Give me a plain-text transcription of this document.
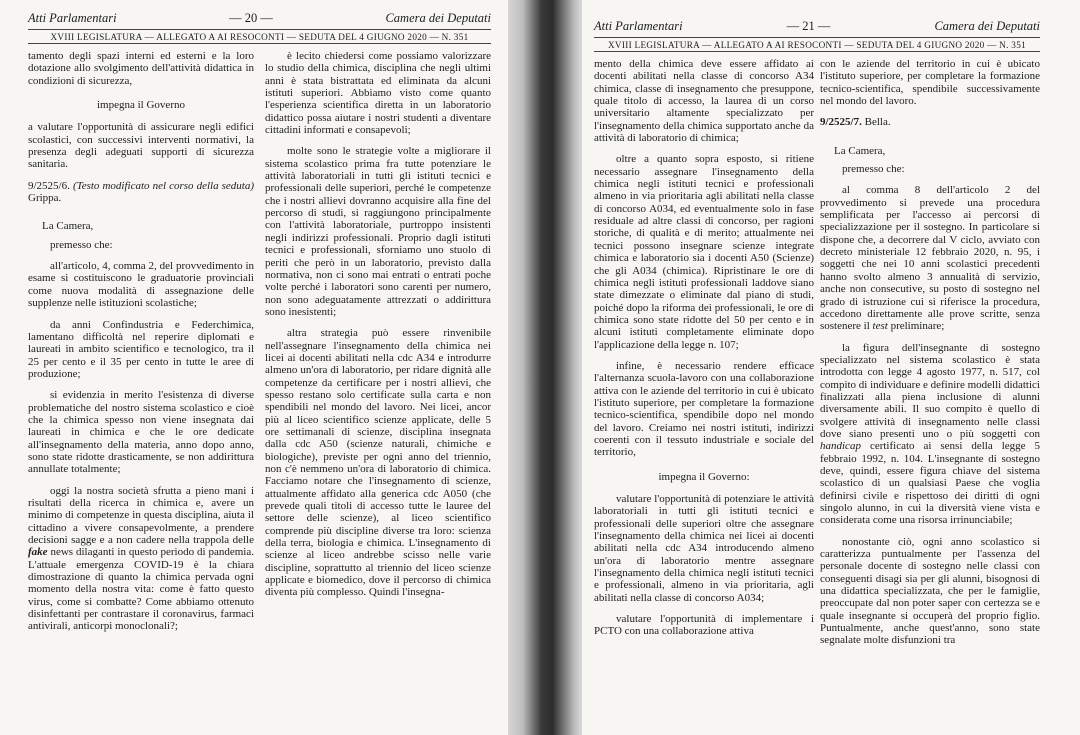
Atti Parlamentari	— 20 —	Camera dei Deputati
XVIII LEGISLATURA — ALLEGATO A AI RESOCONTI — SEDUTA DEL 4 GIUGNO 2020 — N. 351

tamento degli spazi interni ed esterni e la loro dotazione allo svolgimento dell'attività didattica in condizioni di sicurezza,

impegna il Governo

a valutare l'opportunità di assicurare negli edifici scolastici, con successivi interventi normativi, la presenza degli adeguati supporti di sicurezza sanitaria.

9/2525/6. (Testo modificato nel corso della seduta) Grippa.

La Camera,

premesso che:

all'articolo, 4, comma 2, del provvedimento in esame si costituiscono le graduatorie provinciali come nuova modalità di assegnazione delle supplenze nelle istituzioni scolastiche;

da anni Confindustria e Federchimica, lamentano difficoltà nel reperire diplomati e laureati in ambito scientifico e tecnologico, tra il 25 per cento e il 35 per cento in tutte le aree di produzione;

si evidenzia in merito l'esistenza di diverse problematiche del nostro sistema scolastico e cioè che la chimica spesso non viene insegnata dai laureati in chimica e che le ore dedicate all'insegnamento della materia, anno dopo anno, sono state ridotte drasticamente, se non addirittura annullate totalmente;

oggi la nostra società sfrutta a pieno mani i risultati della ricerca in chimica e, avere un minimo di competenze in questa disciplina, aiuta il cittadino a vivere consapevolmente, a prendere decisioni sagge e a non cadere nella trappola delle fake news dilaganti in questo periodo di pandemia. L'attuale emergenza COVID-19 è la chiara dimostrazione di quanto la chimica pervada ogni momento della nostra vita: come è fatto questo virus, come si combatte? Come abbiamo ottenuto disinfettanti per contrastare il coronavirus, farmaci antivirali, anticorpi monoclonali?;

è lecito chiedersi come possiamo valorizzare lo studio della chimica, disciplina che negli ultimi anni è stata bistrattata ed eliminata da alcuni istituti superiori. Abbiamo visto come quanto l'esperienza scientifica diretta in un laboratorio didattico possa aiutare i nostri studenti a diventare cittadini informati e consapevoli;

molte sono le strategie volte a migliorare il sistema scolastico prima fra tutte potenziare le attività laboratoriali in tutti gli istituti tecnici e professionali delle superiori, perché le competenze che i nostri allievi dovranno acquisire alla fine del percorso di studi, si raggiungono principalmente con l'attività laboratoriale, purtroppo insistenti negli indirizzi professionali. Proprio dagli istituti tecnici e professionali, sforniamo uno stuolo di periti che però in un laboratorio, previsto dalla normativa, non ci sono mai entrati o entrati poche volte perché i laboratori sono carenti per numero, non sono adeguatamente attrezzati o addirittura sono inesistenti;

altra strategia può essere rinvenibile nell'assegnare l'insegnamento della chimica nei licei ai docenti abilitati nella cdc A34 e introdurre almeno un'ora di laboratorio, per ridare dignità alle competenze da certificare per i nostri allievi, che spesso restano solo certificate sulla carta e non spendibili nel mondo del lavoro. Nei licei, ancor più al liceo scientifico scienze applicate, delle 5 ore settimanali di scienze, disciplina insegnata dalla cdc A50 (scienze naturali, chimiche e biologiche), previste per ogni anno del triennio, non c'è nemmeno un'ora di laboratorio di chimica. Facciamo notare che l'insegnamento di scienze, attualmente affidato alla generica cdc A050 (che prevede quali titoli di accesso tutte le lauree del settore delle scienze), al liceo scientifico comprende più discipline diverse tra loro: scienza della terra, biologia e chimica. L'insegnamento di scienze al liceo andrebbe scisso nelle varie discipline, soprattutto al triennio del liceo scienze applicate e biomedico, dove il percorso di chimica diventa più complesso. Quindi l'insegna-

Atti Parlamentari	— 21 —	Camera dei Deputati
XVIII LEGISLATURA — ALLEGATO A AI RESOCONTI — SEDUTA DEL 4 GIUGNO 2020 — N. 351

mento della chimica deve essere affidato ai docenti abilitati nella classe di concorso A34 chimica, classe di insegnamento che presuppone, quale titolo di accesso, la laurea di un corso universitario altamente specializzato per l'insegnamento della chimica supportato anche da attività di laboratorio di chimica;

oltre a quanto sopra esposto, si ritiene necessario assegnare l'insegnamento della chimica negli istituti tecnici e professionali almeno in via prioritaria agli abilitati nella classe di concorso A034, ed eventualmente solo in fase residuale ad altre classi di concorso, per ragioni storiche, di qualità e di merito; attualmente nei tecnici possono insegnare scienze integrate chimica e laboratorio sia i docenti A50 (Scienze) che gli A034 (chimica). Ripristinare le ore di chimica negli istituti professionali laddove siano state dimezzate o eliminate dal piano di studi, poiché dopo la riforma dei professionali, le ore di chimica sono state ridotte del 50 per cento e in alcuni istituti completamente eliminate dopo l'applicazione della legge n. 107;

infine, è necessario rendere efficace l'alternanza scuola-lavoro con una collaborazione attiva con le aziende del territorio in cui è ubicato l'istituto superiore, per completare la formazione tecnico-scientifica, spendibile dopo nel mondo del lavoro. Creiamo nei nostri istituti, indirizzi coerenti con il tessuto industriale e sociale del territorio,

impegna il Governo:

valutare l'opportunità di potenziare le attività laboratoriali in tutti gli istituti tecnici e professionali delle superiori oltre che assegnare l'insegnamento della chimica nei licei ai docenti abilitati nella cdc A34 introducendo almeno un'ora di laboratorio mentre assegnare l'insegnamento della chimica negli istituti tecnici e professionali, almeno in via prioritaria, agli abilitati nella classe di concorso A034;

valutare l'opportunità di implementare i PCTO con una collaborazione attiva

con le aziende del territorio in cui è ubicato l'istituto superiore, per completare la formazione tecnico-scientifica, spendibile successivamente nel mondo del lavoro.

9/2525/7. Bella.

La Camera,

premesso che:

al comma 8 dell'articolo 2 del provvedimento si prevede una procedura semplificata per l'accesso ai percorsi di specializzazione per il sostegno. In particolare si dispone che, a decorrere dal V ciclo, avviato con decreto ministeriale 12 febbraio 2020, n. 95, i soggetti che nei 10 anni scolastici precedenti hanno svolto almeno 3 annualità di servizio, anche non consecutive, su posto di sostegno nel grado di istruzione cui si riferisce la procedura, accedono direttamente alle prove scritte, senza sostenere il test preliminare;

la figura dell'insegnante di sostegno specializzato nel sistema scolastico è stata introdotta con legge 4 agosto 1977, n. 517, col compito di individuare e definire modelli didattici finalizzati alla piena inclusione di alunni diversamente abili. Il suo compito è quello di svolgere attività di insegnamento nelle classi dove siano presenti uno o più soggetti con handicap certificato ai sensi della legge 5 febbraio 1992, n. 104. L'insegnante di sostegno deve, quindi, essere figura chiave del sistema scolastico di un qualsiasi Paese che voglia definirsi civile e rispettoso dei diritti di ogni singolo alunno, in cui la diversità viene vista e considerata come una risorsa irrinunciabile;

nonostante ciò, ogni anno scolastico si caratterizza puntualmente per l'assenza del personale docente di sostegno nelle classi con conseguenti disagi sia per gli alunni, bisognosi di una didattica specializzata, che per le famiglie, preoccupate dal non poter saper con certezza se e quale insegnante si occuperà del proprio figlio. Puntualmente, anche quest'anno, sono state segnalate molte disfunzioni tra
